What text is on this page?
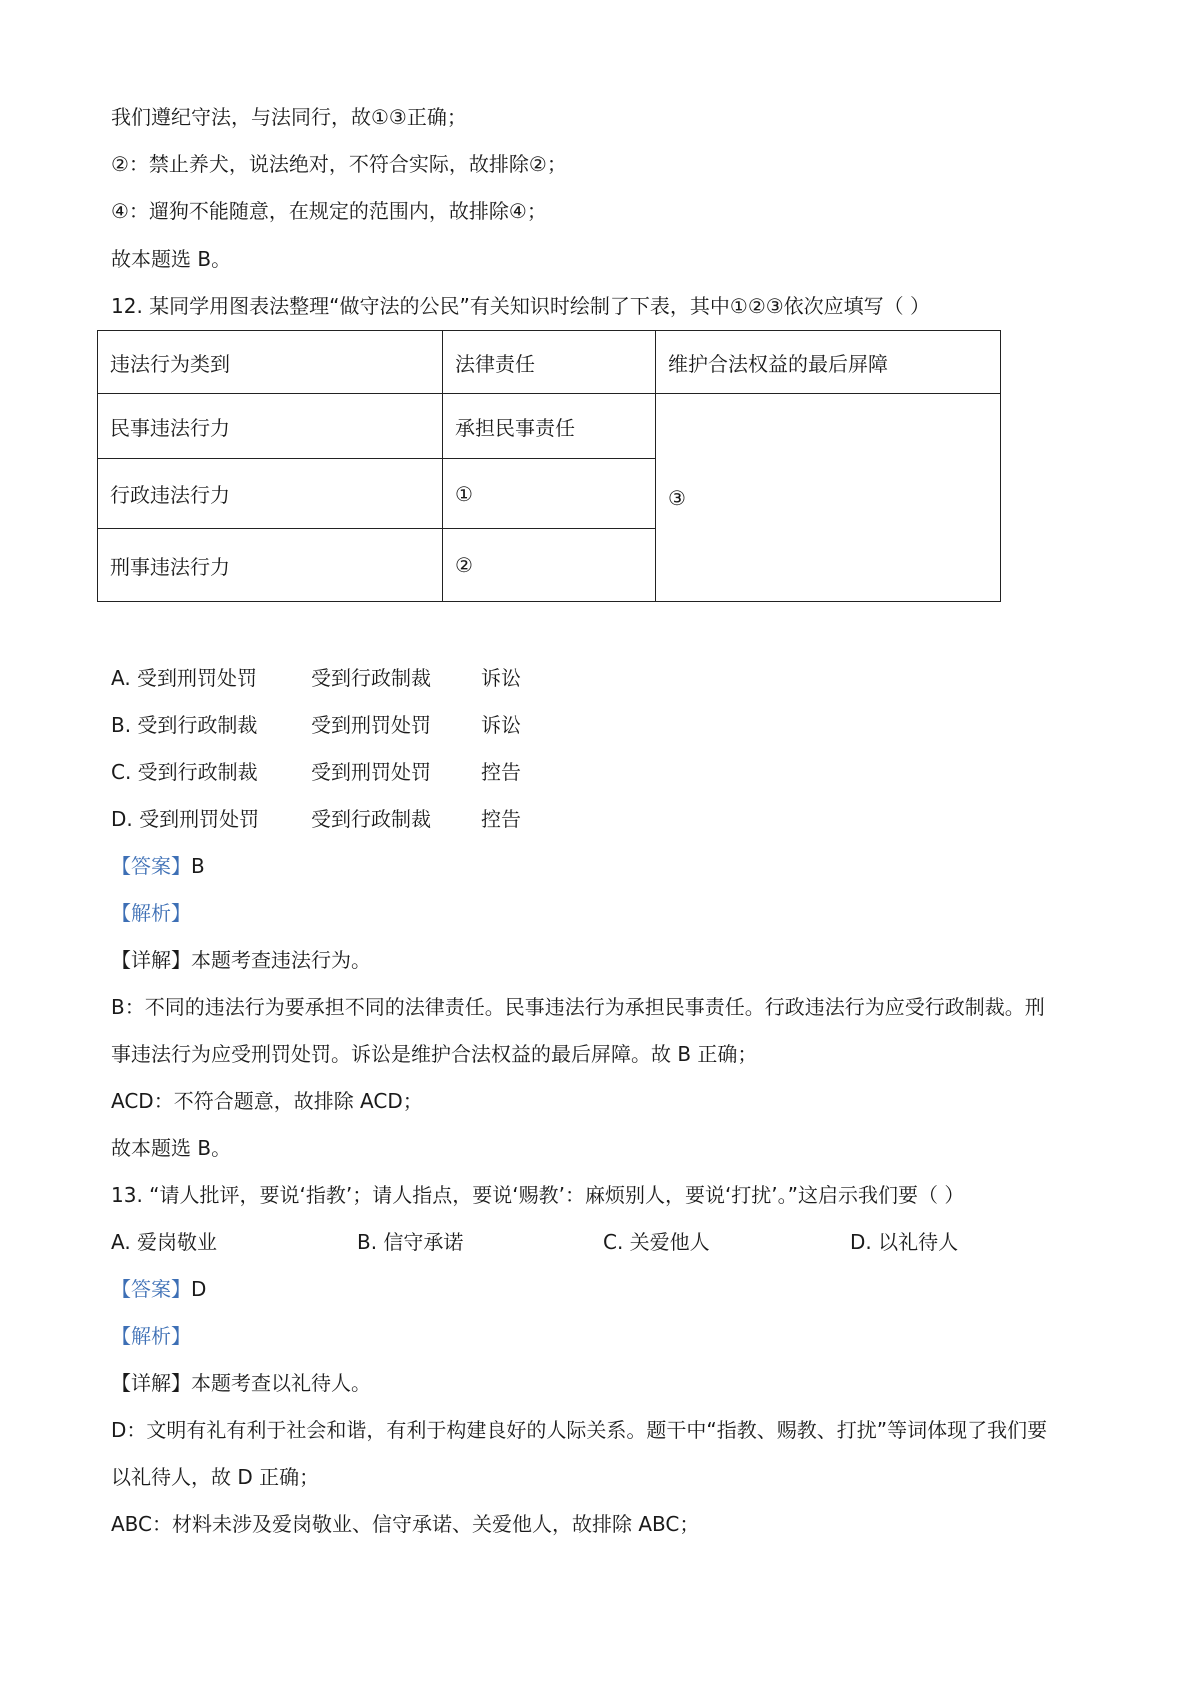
我们遵纪守法，与法同行，故①③正确；
②：禁止养犬，说法绝对，不符合实际，故排除②；
④：遛狗不能随意，在规定的范围内，故排除④；
故本题选 B。
12. 某同学用图表法整理“做守法的公民”有关知识时绘制了下表，其中①②③依次应填写（ ）
违法行为类到	法律责任	维护合法权益的最后屏障
民事违法行力	承担民事责任	③
行政违法行力	①	
刑事违法行力	②	
A. 受到刑罚处罚	受到行政制裁	诉讼
B. 受到行政制裁	受到刑罚处罚	诉讼
C. 受到行政制裁	受到刑罚处罚	控告
D. 受到刑罚处罚	受到行政制裁	控告
【答案】B
【解析】
【详解】本题考查违法行为。
B：不同的违法行为要承担不同的法律责任。民事违法行为承担民事责任。行政违法行为应受行政制裁。刑
事违法行为应受刑罚处罚。诉讼是维护合法权益的最后屏障。故 B 正确；
ACD：不符合题意，故排除 ACD；
故本题选 B。
13. “请人批评，要说‘指教’；请人指点，要说‘赐教’：麻烦别人，要说‘打扰’。”这启示我们要（ ）
A. 爱岗敬业	B. 信守承诺	C. 关爱他人	D. 以礼待人
【答案】D
【解析】
【详解】本题考查以礼待人。
D：文明有礼有利于社会和谐，有利于构建良好的人际关系。题干中“指教、赐教、打扰”等词体现了我们要
以礼待人，故 D 正确；
ABC：材料未涉及爱岗敬业、信守承诺、关爱他人，故排除 ABC；
